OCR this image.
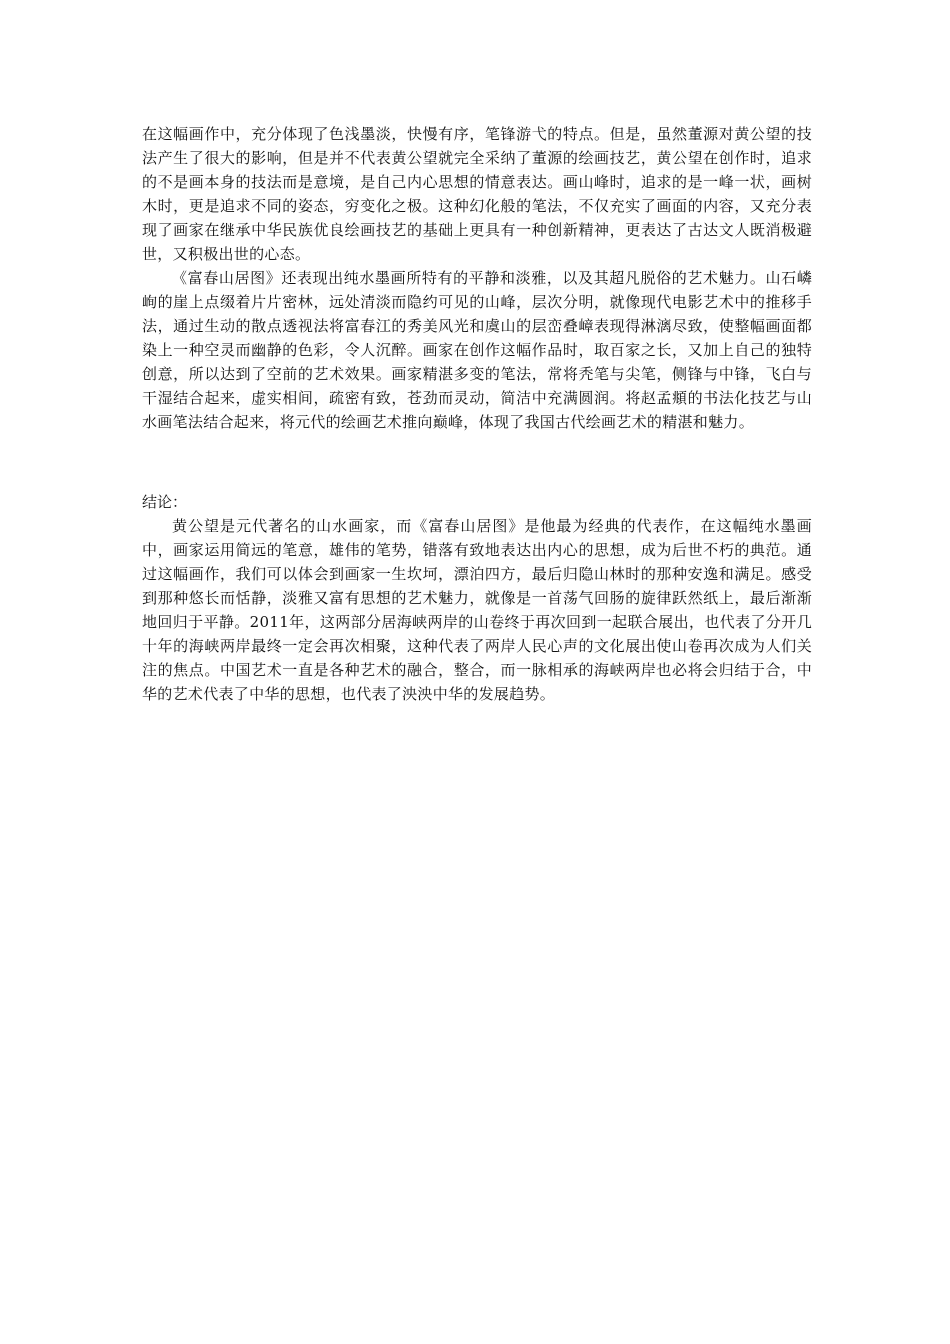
在这幅画作中，充分体现了色浅墨淡，快慢有序，笔锋游弋的特点。但是，虽然董源对黄公望的技法产生了很大的影响，但是并不代表黄公望就完全采纳了董源的绘画技艺，黄公望在创作时，追求的不是画本身的技法而是意境，是自己内心思想的情意表达。画山峰时，追求的是一峰一状，画树木时，更是追求不同的姿态，穷变化之极。这种幻化般的笔法，不仅充实了画面的内容，又充分表现了画家在继承中华民族优良绘画技艺的基础上更具有一种创新精神，更表达了古达文人既消极避世，又积极出世的心态。

《富春山居图》还表现出纯水墨画所特有的平静和淡雅，以及其超凡脱俗的艺术魅力。山石嶙峋的崖上点缀着片片密林，远处清淡而隐约可见的山峰，层次分明，就像现代电影艺术中的推移手法，通过生动的散点透视法将富春江的秀美风光和虞山的层峦叠嶂表现得淋漓尽致，使整幅画面都染上一种空灵而幽静的色彩，令人沉醉。画家在创作这幅作品时，取百家之长，又加上自己的独特创意，所以达到了空前的艺术效果。画家精湛多变的笔法，常将秃笔与尖笔，侧锋与中锋，飞白与干湿结合起来，虚实相间，疏密有致，苍劲而灵动，简洁中充满圆润。将赵孟頫的书法化技艺与山水画笔法结合起来，将元代的绘画艺术推向巅峰，体现了我国古代绘画艺术的精湛和魅力。

结论：

黄公望是元代著名的山水画家，而《富春山居图》是他最为经典的代表作，在这幅纯水墨画中，画家运用简远的笔意，雄伟的笔势，错落有致地表达出内心的思想，成为后世不朽的典范。通过这幅画作，我们可以体会到画家一生坎坷，漂泊四方，最后归隐山林时的那种安逸和满足。感受到那种悠长而恬静，淡雅又富有思想的艺术魅力，就像是一首荡气回肠的旋律跃然纸上，最后渐渐地回归于平静。2011年，这两部分居海峡两岸的山卷终于再次回到一起联合展出，也代表了分开几十年的海峡两岸最终一定会再次相聚，这种代表了两岸人民心声的文化展出使山卷再次成为人们关注的焦点。中国艺术一直是各种艺术的融合，整合，而一脉相承的海峡两岸也必将会归结于合，中华的艺术代表了中华的思想，也代表了泱泱中华的发展趋势。
